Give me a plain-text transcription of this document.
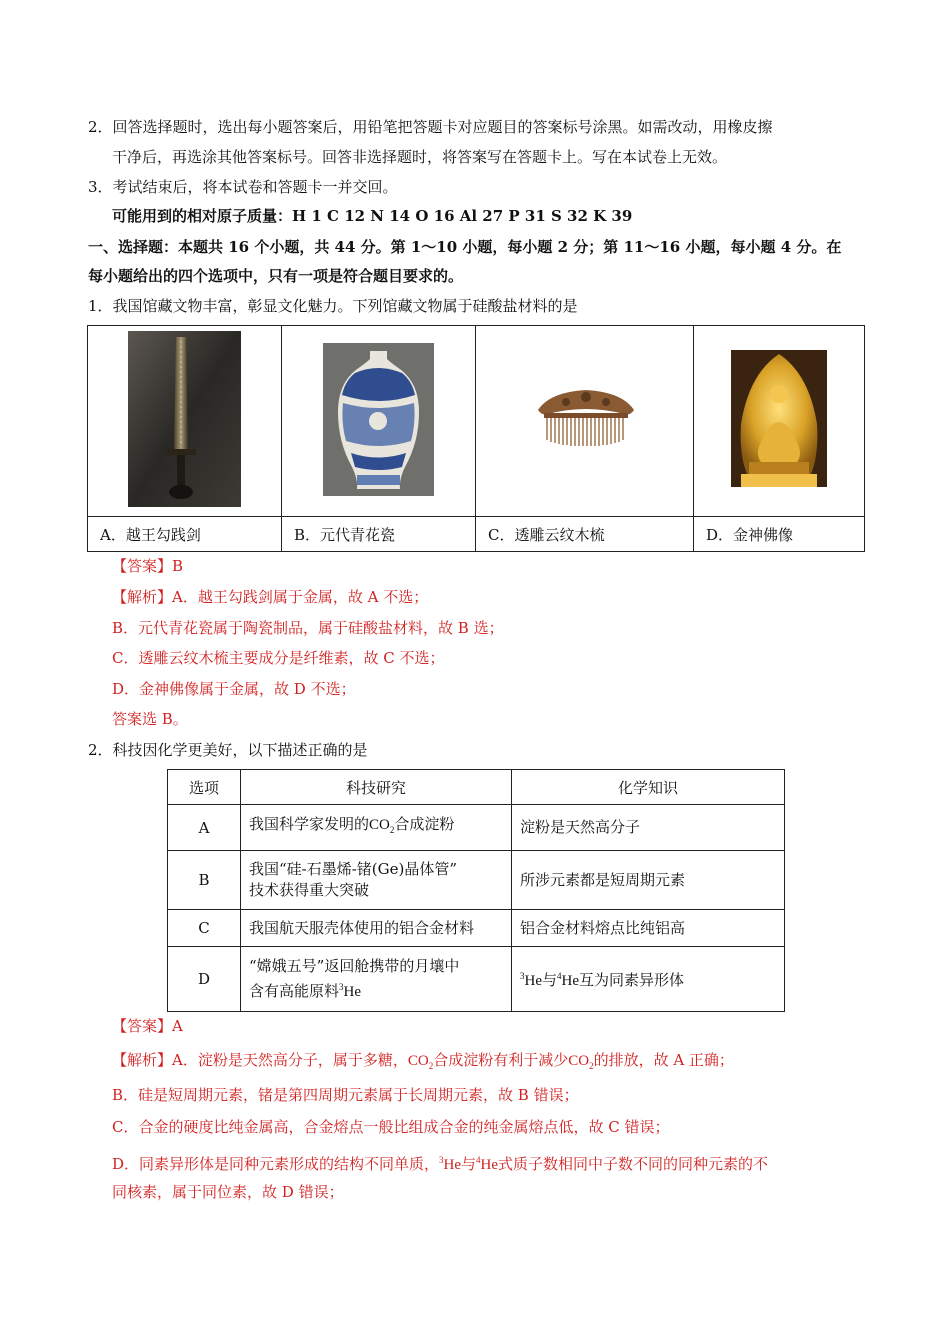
2．回答选择题时，选出每小题答案后，用铅笔把答题卡对应题目的答案标号涂黑。如需改动，用橡皮擦
干净后，再选涂其他答案标号。回答非选择题时，将答案写在答题卡上。写在本试卷上无效。
3．考试结束后，将本试卷和答题卡一并交回。
可能用到的相对原子质量：H 1 C 12 N 14 O 16 Al 27 P 31 S 32 K 39
一、选择题：本题共 16 个小题，共 44 分。第 1～10 小题，每小题 2 分；第 11～16 小题，每小题 4 分。在
每小题给出的四个选项中，只有一项是符合题目要求的。
1．我国馆藏文物丰富，彰显文化魅力。下列馆藏文物属于硅酸盐材料的是

A．越王勾践剑	B．元代青花瓷	C．透雕云纹木梳	D．金神佛像
【答案】B
【解析】A．越王勾践剑属于金属，故 A 不选；
B．元代青花瓷属于陶瓷制品，属于硅酸盐材料，故 B 选；
C．透雕云纹木梳主要成分是纤维素，故 C 不选；
D．金神佛像属于金属，故 D 不选；
答案选 B。
2．科技因化学更美好，以下描述正确的是
选项	科技研究	化学知识
A	我国科学家发明的$CO_2$合成淀粉	淀粉是天然高分子
B	我国“硅-石墨烯-锗(Ge)晶体管”
技术获得重大突破	所涉元素都是短周期元素
C	我国航天服壳体使用的铝合金材料	铝合金材料熔点比纯铝高
D	“嫦娥五号”返回舱携带的月壤中
含有高能原料$^3$He	$^3$He与$^4$He互为同素异形体
【答案】A
【解析】A．淀粉是天然高分子，属于多糖，$CO_2$合成淀粉有利于减少$CO_2$的排放，故 A 正确；
B．硅是短周期元素，锗是第四周期元素属于长周期元素，故 B 错误；
C．合金的硬度比纯金属高，合金熔点一般比组成合金的纯金属熔点低，故 C 错误；
D．同素异形体是同种元素形成的结构不同单质，$^3$He与$^4$He式质子数相同中子数不同的同种元素的不
同核素，属于同位素，故 D 错误；
